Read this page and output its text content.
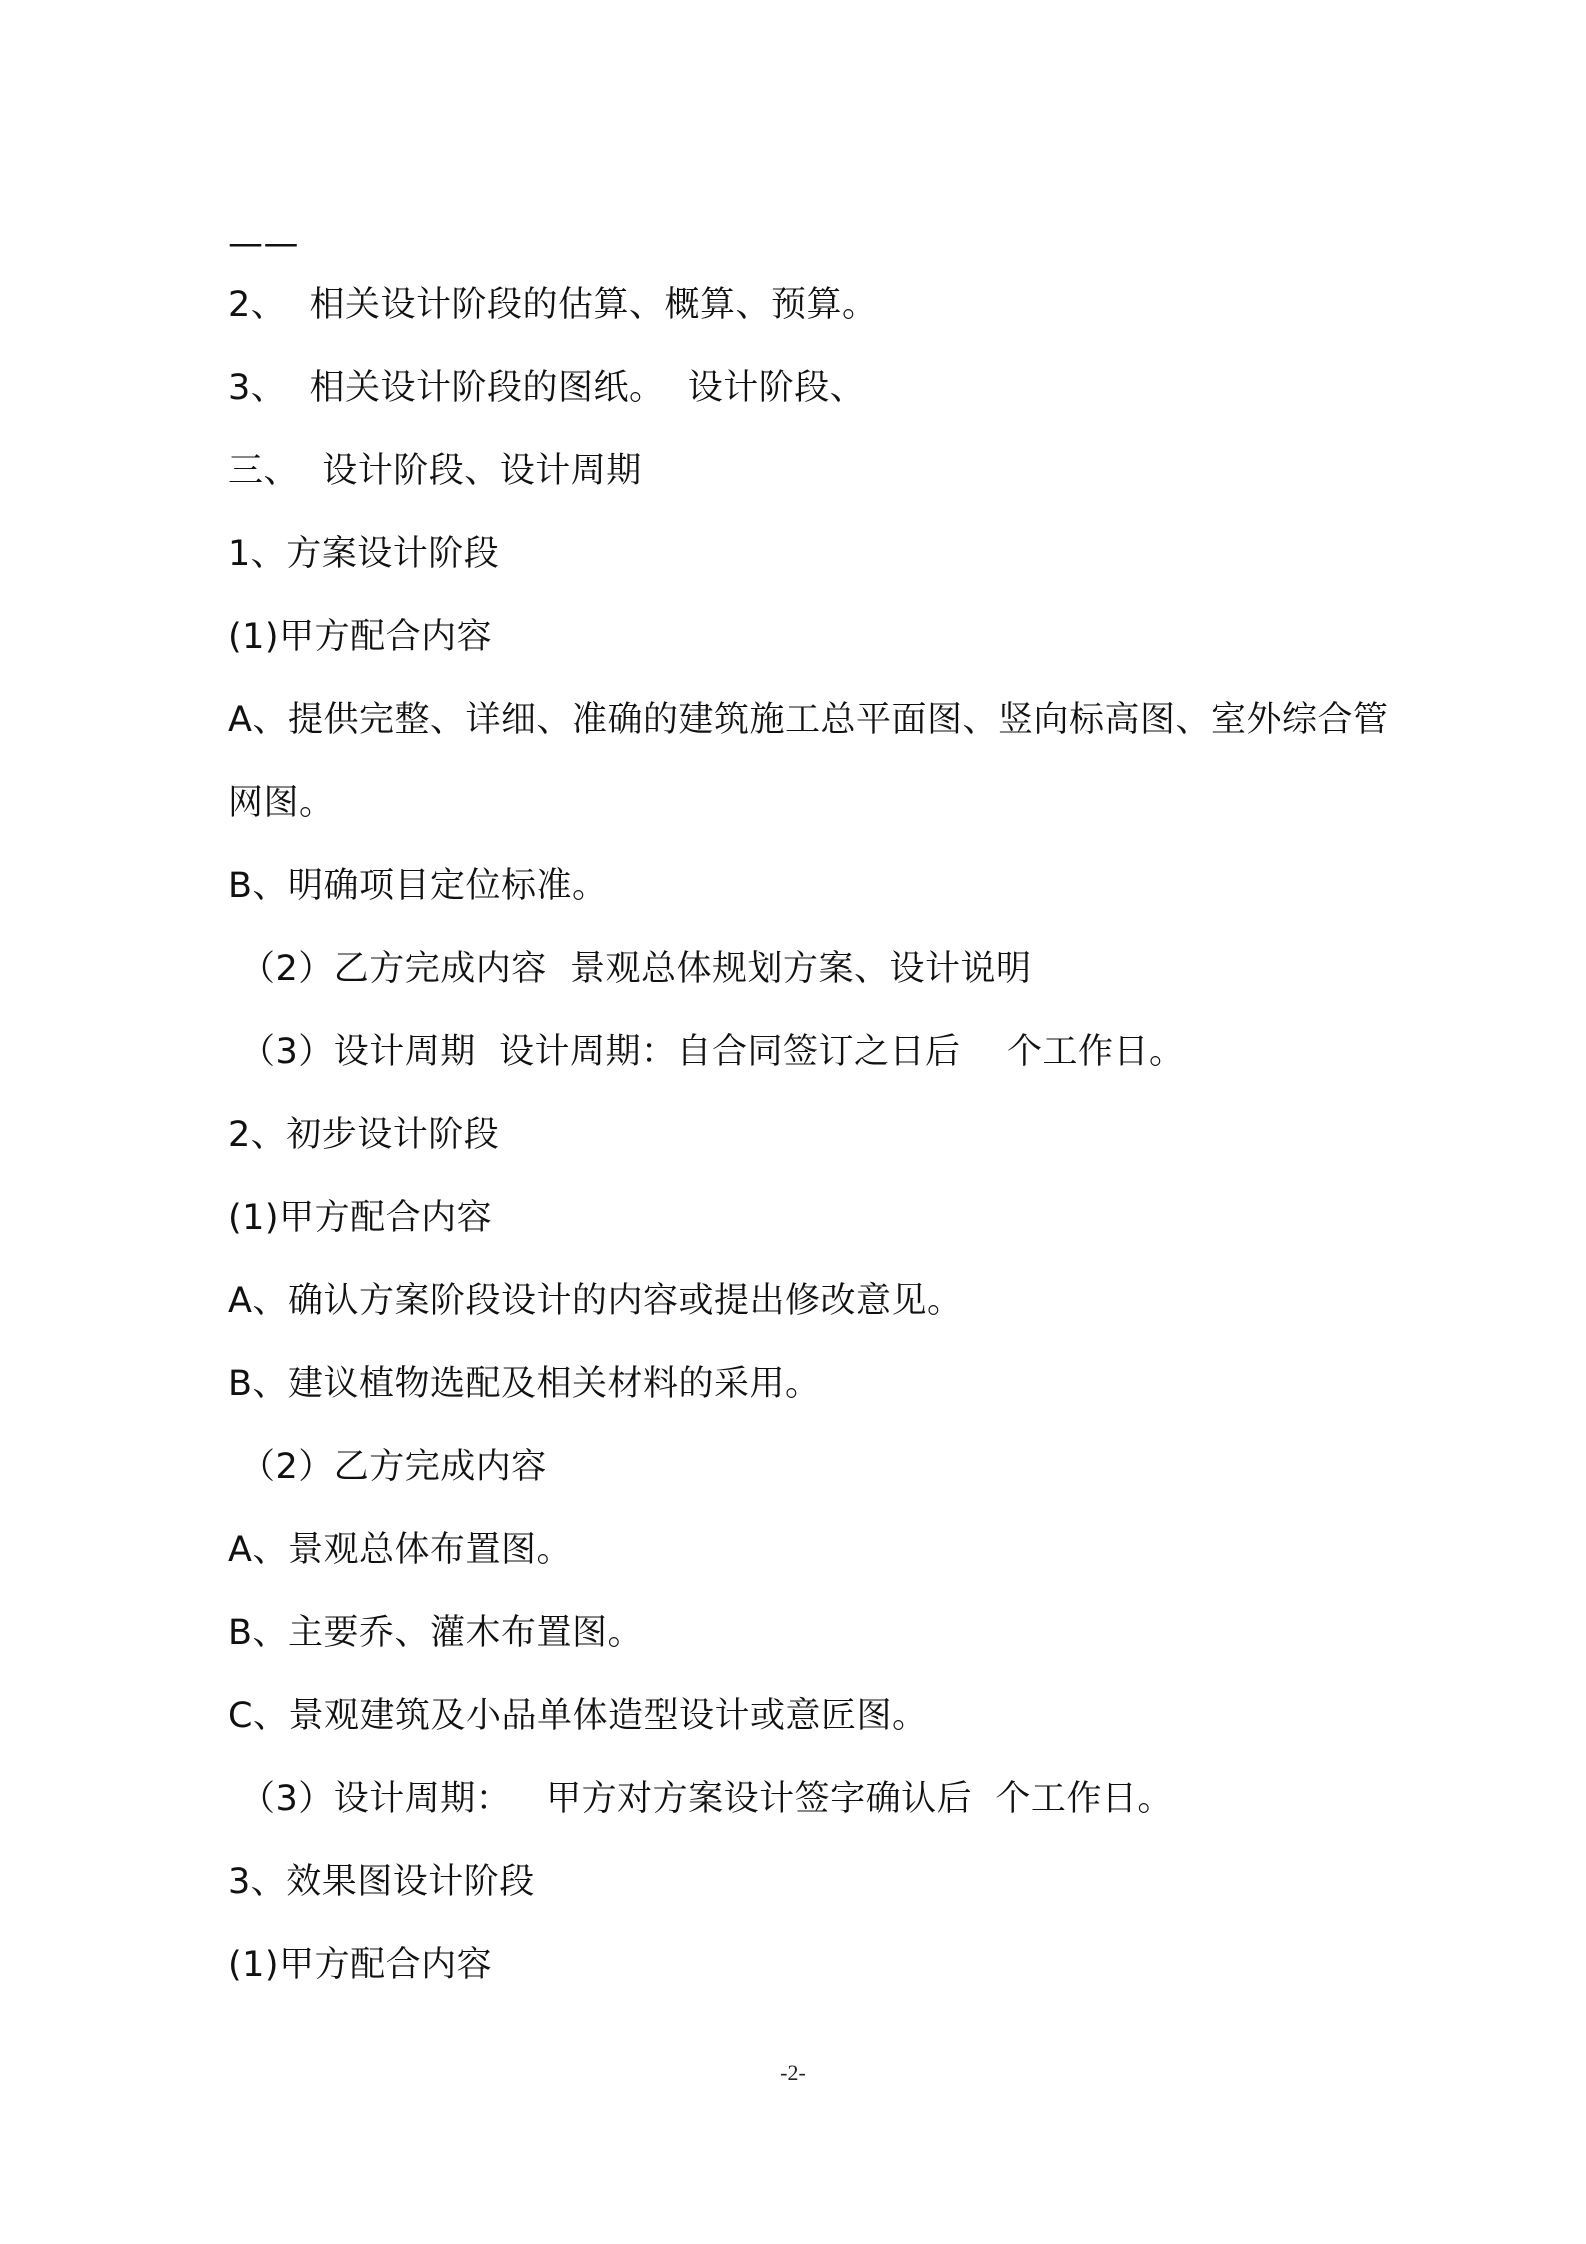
——
2、  相关设计阶段的估算、概算、预算。
3、  相关设计阶段的图纸。  设计阶段、
三、  设计阶段、设计周期
1、方案设计阶段
(1)甲方配合内容
A、提供完整、详细、准确的建筑施工总平面图、竖向标高图、室外综合管
网图。
B、明确项目定位标准。
（2）乙方完成内容  景观总体规划方案、设计说明
（3）设计周期  设计周期：自合同签订之日后    个工作日。
2、初步设计阶段
(1)甲方配合内容
A、确认方案阶段设计的内容或提出修改意见。
B、建议植物选配及相关材料的采用。
（2）乙方完成内容
A、景观总体布置图。
B、主要乔、灌木布置图。
C、景观建筑及小品单体造型设计或意匠图。
（3）设计周期：   甲方对方案设计签字确认后  个工作日。
3、效果图设计阶段
(1)甲方配合内容
-2-
